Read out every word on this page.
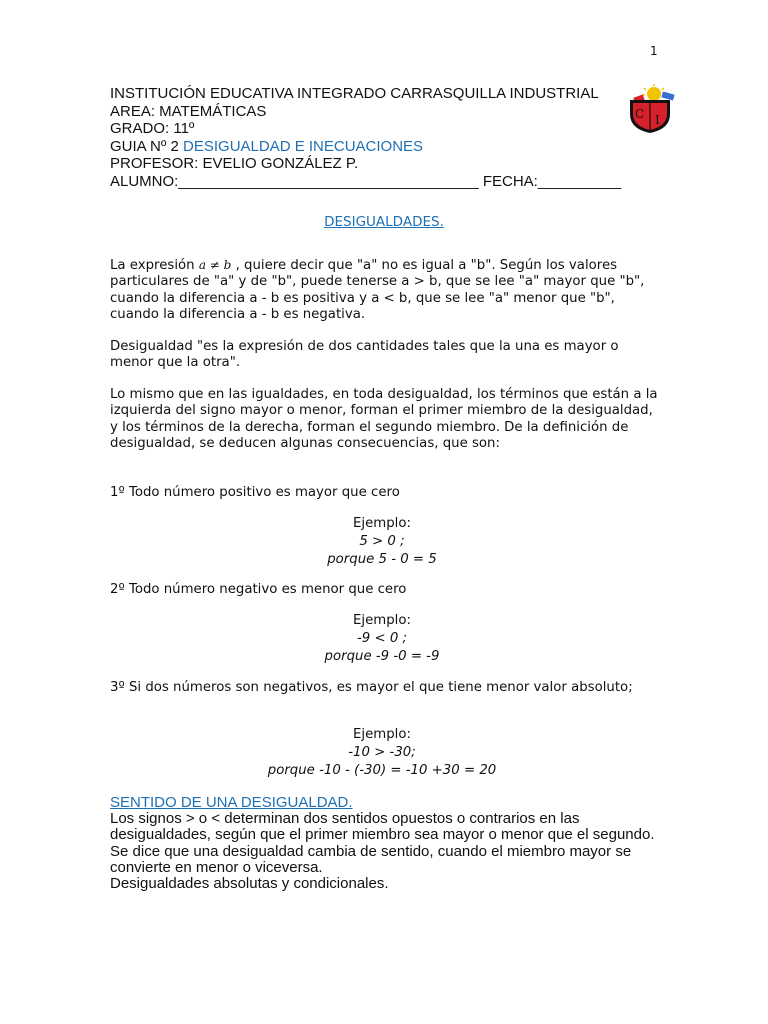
1
INSTITUCIÓN EDUCATIVA INTEGRADO CARRASQUILLA INDUSTRIAL
AREA: MATEMÁTICAS
GRADO: 11º
GUIA Nº 2 DESIGUALDAD E INECUACIONES
PROFESOR: EVELIO GONZÁLEZ P.
ALUMNO:____________________________________ FECHA:__________
C I
DESIGUALDADES.

La expresión a ≠ b , quiere decir que "a" no es igual a "b". Según los valores particulares de "a" y de "b", puede tenerse a > b, que se lee "a" mayor que "b", cuando la diferencia a - b es positiva y a < b, que se lee "a" menor que "b", cuando la diferencia a - b es negativa.

Desigualdad "es la expresión de dos cantidades tales que la una es mayor o menor que la otra".

Lo mismo que en las igualdades, en toda desigualdad, los términos que están a la izquierda del signo mayor o menor, forman el primer miembro de la desigualdad, y los términos de la derecha, forman el segundo miembro. De la definición de desigualdad, se deducen algunas consecuencias, que son:

1º Todo número positivo es mayor que cero
Ejemplo:
5 > 0 ;
porque 5 - 0 = 5
2º Todo número negativo es menor que cero
Ejemplo:
-9 < 0 ;
porque -9 -0 = -9
3º Si dos números son negativos, es mayor el que tiene menor valor absoluto;
Ejemplo:
-10 > -30;
porque -10 - (-30) = -10 +30 = 20
SENTIDO DE UNA DESIGUALDAD.

Los signos > o < determinan dos sentidos opuestos o contrarios en las desigualdades, según que el primer miembro sea mayor o menor que el segundo. Se dice que una desigualdad cambia de sentido, cuando el miembro mayor se convierte en menor o viceversa.

Desigualdades absolutas y condicionales.
